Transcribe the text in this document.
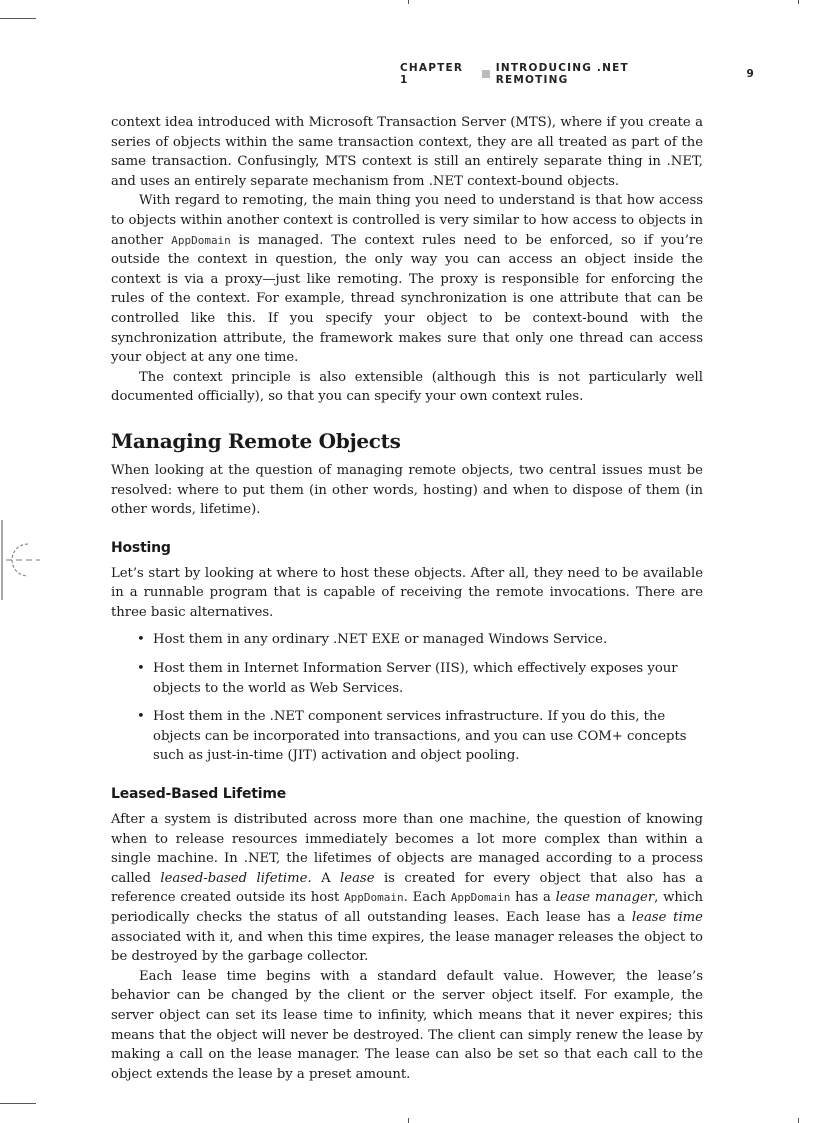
CHAPTER 1
INTRODUCING .NET REMOTING	9

context idea introduced with Microsoft Transaction Server (MTS), where if you create a series of objects within the same transaction context, they are all treated as part of the same transaction. Confusingly, MTS context is still an entirely separate thing in .NET, and uses an entirely separate mechanism from .NET context-bound objects.

With regard to remoting, the main thing you need to understand is that how access to objects within another context is controlled is very similar to how access to objects in another AppDomain is managed. The context rules need to be enforced, so if you’re outside the context in question, the only way you can access an object inside the context is via a proxy—just like remoting. The proxy is responsible for enforcing the rules of the context. For example, thread synchronization is one attribute that can be controlled like this. If you specify your object to be context-bound with the synchronization attribute, the framework makes sure that only one thread can access your object at any one time.

The context principle is also extensible (although this is not particularly well documented officially), so that you can specify your own context rules.

Managing Remote Objects

When looking at the question of managing remote objects, two central issues must be resolved: where to put them (in other words, hosting) and when to dispose of them (in other words, lifetime).

Hosting

Let’s start by looking at where to host these objects. After all, they need to be available in a runnable program that is capable of receiving the remote invocations. There are three basic alternatives.

• Host them in any ordinary .NET EXE or managed Windows Service.
• Host them in Internet Information Server (IIS), which effectively exposes your objects to the world as Web Services.
• Host them in the .NET component services infrastructure. If you do this, the objects can be incorporated into transactions, and you can use COM+ concepts such as just-in-time (JIT) activation and object pooling.
Leased-Based Lifetime

After a system is distributed across more than one machine, the question of knowing when to release resources immediately becomes a lot more complex than within a single machine. In .NET, the lifetimes of objects are managed according to a process called leased-based lifetime. A lease is created for every object that also has a reference created outside its host AppDomain. Each AppDomain has a lease manager, which periodically checks the status of all outstanding leases. Each lease has a lease time associated with it, and when this time expires, the lease manager releases the object to be destroyed by the garbage collector.

Each lease time begins with a standard default value. However, the lease’s behavior can be changed by the client or the server object itself. For example, the server object can set its lease time to infinity, which means that it never expires; this means that the object will never be destroyed. The client can simply renew the lease by making a call on the lease manager. The lease can also be set so that each call to the object extends the lease by a preset amount.
